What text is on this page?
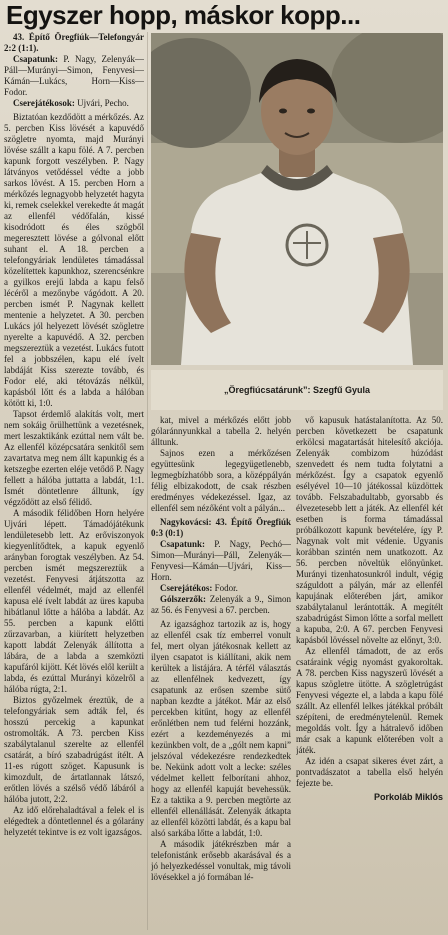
Egyszer hopp, máskor kopp...

43. Építő Öregfiúk—Telefongyár 2:2 (1:1).

Csapatunk: P. Nagy, Zelenyák—Páll—Murányi—Simon, Fenyvesi—Kámán—Lukács, Horn—Kiss—Fodor.

Cserejátékosok: Ujvári, Pecho.

Biztatóan kezdődött a mérkőzés. Az 5. percben Kiss lövését a kapuvédő szögletre nyomta, majd Murányi lövése szállt a kapu fölé. A 7. percben kapunk forgott veszélyben. P. Nagy látványos vetődéssel védte a jobb sarkos lövést. A 15. percben Horn a mérkőzés legnagyobb helyzetét hagyta ki, remek cselekkel verekedte át magát az ellenfél védőfalán, kissé kisodródott és éles szögből megeresztett lövése a gólvonal előtt suhant el. A 18. percben a telefongyáriak lendületes támadással közelítettek kapunkhoz, szerencsénkre a gyilkos erejű labda a kapu felső lécéről a mezőnybe vágódott. A 20. percben ismét P. Nagynak kellett mentenie a helyzetet. A 30. percben Lukács jól helyezett lövését szögletre nyerelte a kapuvédő. A 32. percben megszereztük a vezetést. Lukács futott fel a jobbszélen, kapu elé ívelt labdáját Kiss szerezte tovább, és Fodor elé, aki tétovázás nélkül, kapásból lőtt és a labda a hálóban kötött ki, 1:0.

Tapsot érdemlő alakítás volt, mert nem sokáig örülhettünk a vezetésnek, mert leszaktikánk ezúttal nem vált be. Az ellenfél középcsatára senkitől sem zavartatva meg nem állt kapunkig és a ketszegbe ezerten eléje vetődő P. Nagy fellett a hálóba juttatta a labdát, 1:1. Ismét döntetlenre álltunk, így végződött az első félidő.

A második félidőben Horn helyére Ujvári lépett. Támadójátékunk lendületesebb lett. Az erőviszonyok kiegyenlítődtek, a kapuk egyenlő arányban forogtak veszélyben. Az 54. percben ismét megszereztük a vezetést. Fenyvesi átjátszotta az ellenfél védelmét, majd az ellenfél kapusa elé ívelt labdát az üres kapuba hibátlanul lőtte a hálóba a labdát. Az 55. percben a kapunk előtti zűrzavarban, a kiürített helyzetben kapott labdát Zelenyák állította a lábára, de a labda a szemközti kapufáról kijött. Két lövés elől került a labda, és ezúttal Murányi közelről a hálóba rúgta, 2:1.

Biztos győzelmek éreztük, de a telefongyáriak sem adták fel, és hosszú percekig a kapunkat ostromolták. A 73. percben Kiss szabálytalanul szerelte az ellenfél csatárát, a bíró szabadrúgást ítélt. A 11-es rúgott szöget. Kapusunk is kimozdult, de ártatlannak látszó, erőtlen lövés a szélső védő lábáról a hálóba jutott, 2:2.

Az idő előrehaladtával a felek el is elégedtek a döntetlennel és a gólarány helyzetét tekintve is ez volt igazságos.

„Öregfiúcsatárunk”: Szegfű Gyula

kat, mivel a mérkőzés előtt jobb gólaránnyunkkal a tabella 2. helyén álltunk.

Sajnos ezen a mérkőzésen együttesünk legegyügetlenebb, legmegbízhatóbb sora, a középpályán félig elbizakodott, de csak részben eredményes védekezéssel. Igaz, az ellenfél sem nézőként volt a pályán...

Nagykovácsi: 43. Építő Öregfiúk 0:3 (0:1)

Csapatunk: P. Nagy, Pechó—Simon—Murányi—Páll, Zelenyák—Fenyvesi—Kámán—Ujvári, Kiss—Horn.

Cserejátékos: Fodor.

Gólszerzők: Zelenyák a 9., Simon az 56. és Fenyvesi a 67. percben.

Az igazsághoz tartozik az is, hogy az ellenfél csak tíz emberrel vonult fel, mert olyan játékosnak kellett az ilyen csapatot is kiállítani, akik nem kerültek a listájára. A térfél választás az ellenfélnek kedvezett, így csapatunk az erősen szembe sütő napban kezdte a játékot. Már az első percekben kitűnt, hogy az ellenfél erőnlétben nem tud felérni hozzánk, ezért a kezdeményezés a mi kezünkben volt, de a „gólt nem kapni” jelszóval védekezésre rendezkedtek be. Nekünk adott volt a lecke: széles védelmet kellett felborítani ahhoz, hogy az ellenfél kapuját bevehessük. Ez a taktika a 9. percben megtörte az ellenfél ellenállását. Zelenyák átkapta az ellenfél közötti labdát, és a kapu bal alsó sarkába lőtte a labdát, 1:0.

A második játékrészben már a telefonistánk erősebb akarásával és a jó helyezkedéssel vonultak, mig távoli lövésekkel a jó formában lé-

vő kapusuk hatástalanította. Az 50. percben következett be csapatunk erkölcsi magatartását hitelesítő akciója. Zelenyák combizom húzódást szenvedett és nem tudta folytatni a mérkőzést. Így a csapatok egyenlő esélyével 10—10 játékossal küzdöttek tovább. Felszabadultabb, gyorsabb és élvezetesebb lett a játék. Az ellenfél két esetben is forma támadással próbálkozott kapunk bevételére, így P. Nagynak volt mit védenie. Ugyanis korábban szintén nem unatkozott. Az 56. percben növeltük előnyünket. Murányi tizenhatosunkról indult, végig száguldott a pályán, már az ellenfél kapujának előterében járt, amikor szabálytalanul lerántották. A megítélt szabadrúgást Simon lőtte a sorfal mellett a kapuba, 2:0. A 67. percben Fenyvesi kapásból lövéssel növelte az előnyt, 3:0.

Az ellenfél támadott, de az erős csatáraink végig nyomást gyakoroltak. A 78. percben Kiss nagyszerű lövését a kapus szögletre ütötte. A szögletrúgást Fenyvesi végezte el, a labda a kapu fölé szállt. Az ellenfél lelkes játékkal próbált szépíteni, de eredménytelenül. Remek megoldás volt. Így a hátralevő időben már csak a kapunk előterében volt a játék.

Az idén a csapat sikeres évet zárt, a pontvadászatot a tabella első helyén fejezte be.

Porkoláb Miklós
